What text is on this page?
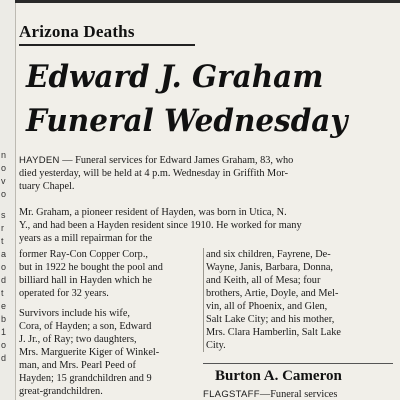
n
o
v
o
s
r
t
a
o
d
t
e
b
1
o
d
Arizona Deaths
Edward J. Graham
Funeral Wednesday
HAYDEN — Funeral services for Edward James Graham, 83, who
died yesterday, will be held at 4 p.m. Wednesday in Griffith Mor-
tuary Chapel.
Mr. Graham, a pioneer resident of Hayden, was born in Utica, N.
Y., and had been a Hayden resident since 1910. He worked for many
years as a mill repairman for the
former Ray-Con Copper Corp.,
but in 1922 he bought the pool and
billiard hall in Hayden which he
operated for 32 years.
Survivors include his wife,
Cora, of Hayden; a son, Edward
J. Jr., of Ray; two daughters,
Mrs. Marguerite Kiger of Winkel-
man, and Mrs. Pearl Peed of
Hayden; 15 grandchildren and 9
great-grandchildren.
and six children, Fayrene, De-
Wayne, Janis, Barbara, Donna,
and Keith, all of Mesa; four
brothers, Artie, Doyle, and Mel-
vin, all of Phoenix, and Glen,
Salt Lake City; and his mother,
Mrs. Clara Hamberlin, Salt Lake
City.
Burton A. Cameron
FLAGSTAFF—Funeral services
